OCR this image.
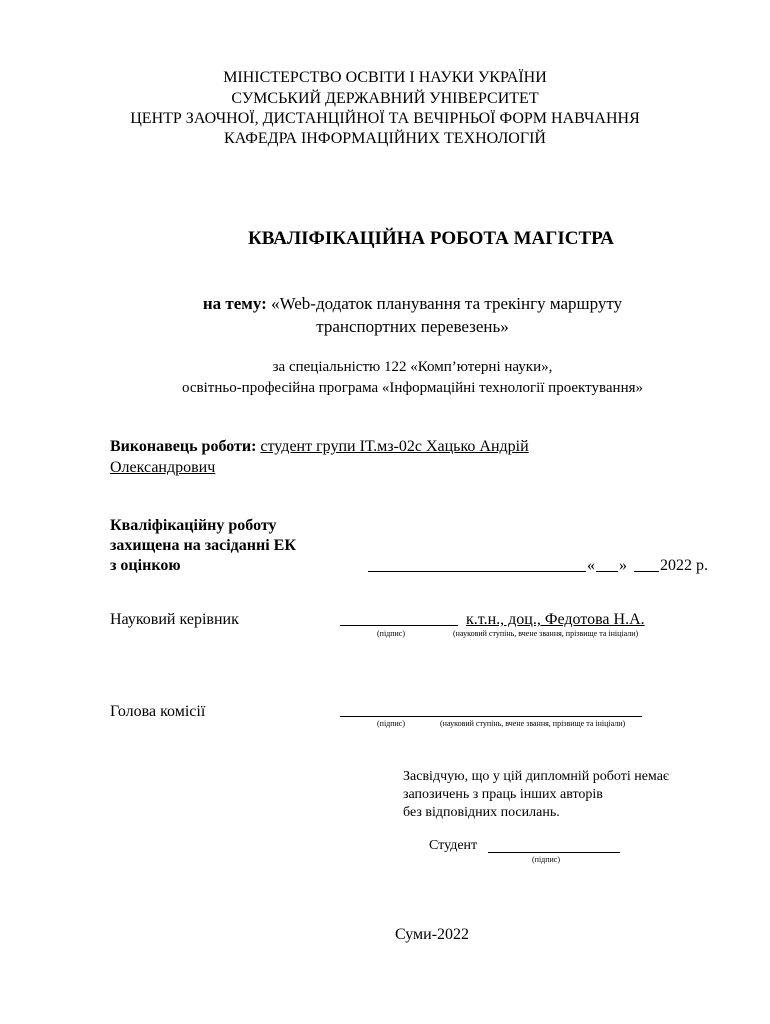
МІНІСТЕРСТВО ОСВІТИ І НАУКИ УКРАЇНИ
СУМСЬКИЙ ДЕРЖАВНИЙ УНІВЕРСИТЕТ
ЦЕНТР ЗАОЧНОЇ, ДИСТАНЦІЙНОЇ ТА ВЕЧІРНЬОЇ ФОРМ НАВЧАННЯ
КАФЕДРА ІНФОРМАЦІЙНИХ ТЕХНОЛОГІЙ
КВАЛІФІКАЦІЙНА РОБОТА МАГІСТРА
на тему: «Web-додаток планування та трекінгу маршруту
транспортних перевезень»
за спеціальністю 122 «Комп’ютерні науки»,
освітньо-професійна програма «Інформаційні технології проектування»
Виконавець роботи: студент групи ІТ.мз-02с Хацько Андрій
Олександрович
Кваліфікаційну роботу
захищена на засіданні ЕК
з оцінкою	« » 2022 р.
Науковий керівник	к.т.н., доц., Федотова Н.А.
(підпис)	(науковий ступінь, вчене звання, прізвище та ініціали)
Голова комісії
(підпис)	(науковий ступінь, вчене звання, прізвище та ініціали)
Засвідчую, що у цій дипломній роботі немає
запозичень з праць інших авторів
без відповідних посилань.
Студент
(підпис)
Суми-2022
